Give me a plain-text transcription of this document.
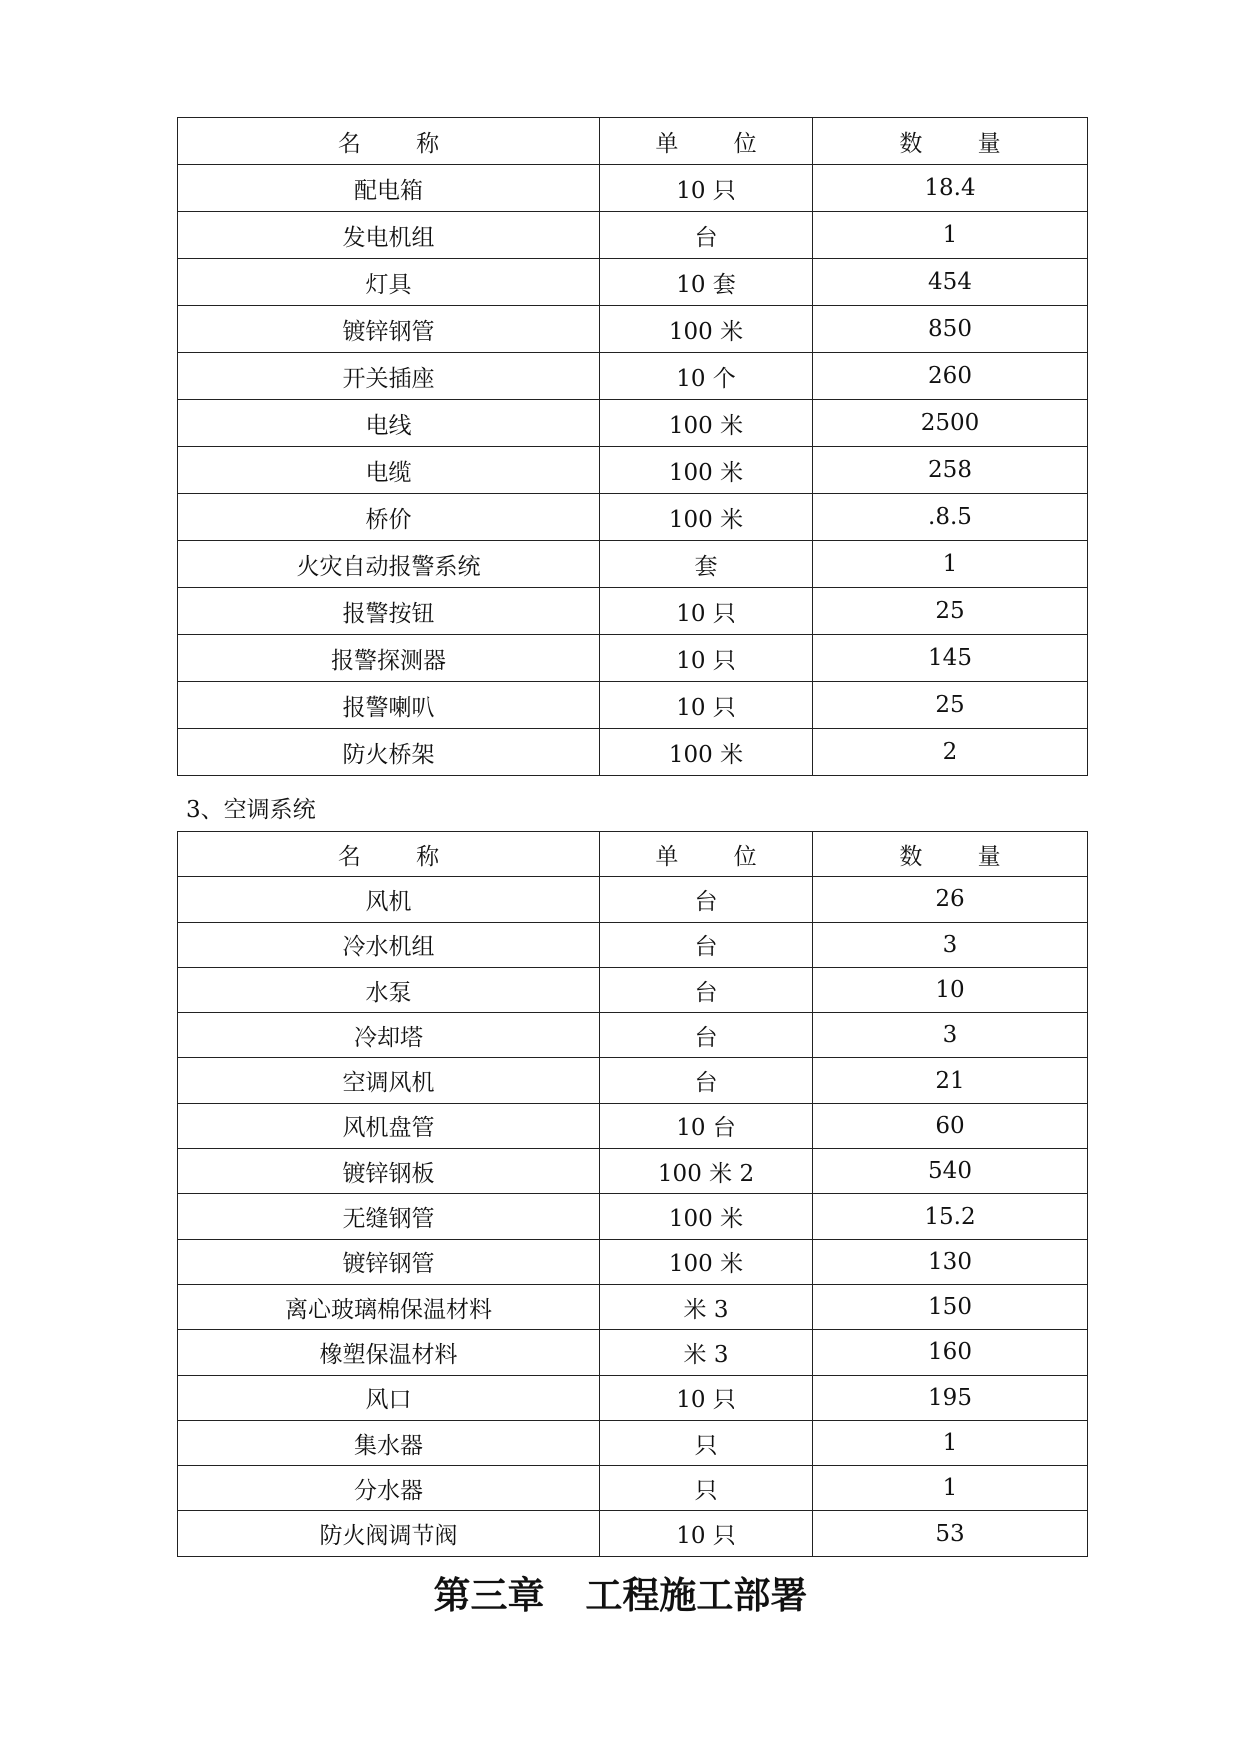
名 称	单 位	数 量
配电箱	10 只	18.4
发电机组	台	1
灯具	10 套	454
镀锌钢管	100 米	850
开关插座	10 个	260
电线	100 米	2500
电缆	100 米	258
桥价	100 米	.8.5
火灾自动报警系统	套	1
报警按钮	10 只	25
报警探测器	10 只	145
报警喇叭	10 只	25
防火桥架	100 米	2
3、空调系统
名 称	单 位	数 量
风机	台	26
冷水机组	台	3
水泵	台	10
冷却塔	台	3
空调风机	台	21
风机盘管	10 台	60
镀锌钢板	100 米 2	540
无缝钢管	100 米	15.2
镀锌钢管	100 米	130
离心玻璃棉保温材料	米 3	150
橡塑保温材料	米 3	160
风口	10 只	195
集水器	只	1
分水器	只	1
防火阀调节阀	10 只	53
第三章 工程施工部署
